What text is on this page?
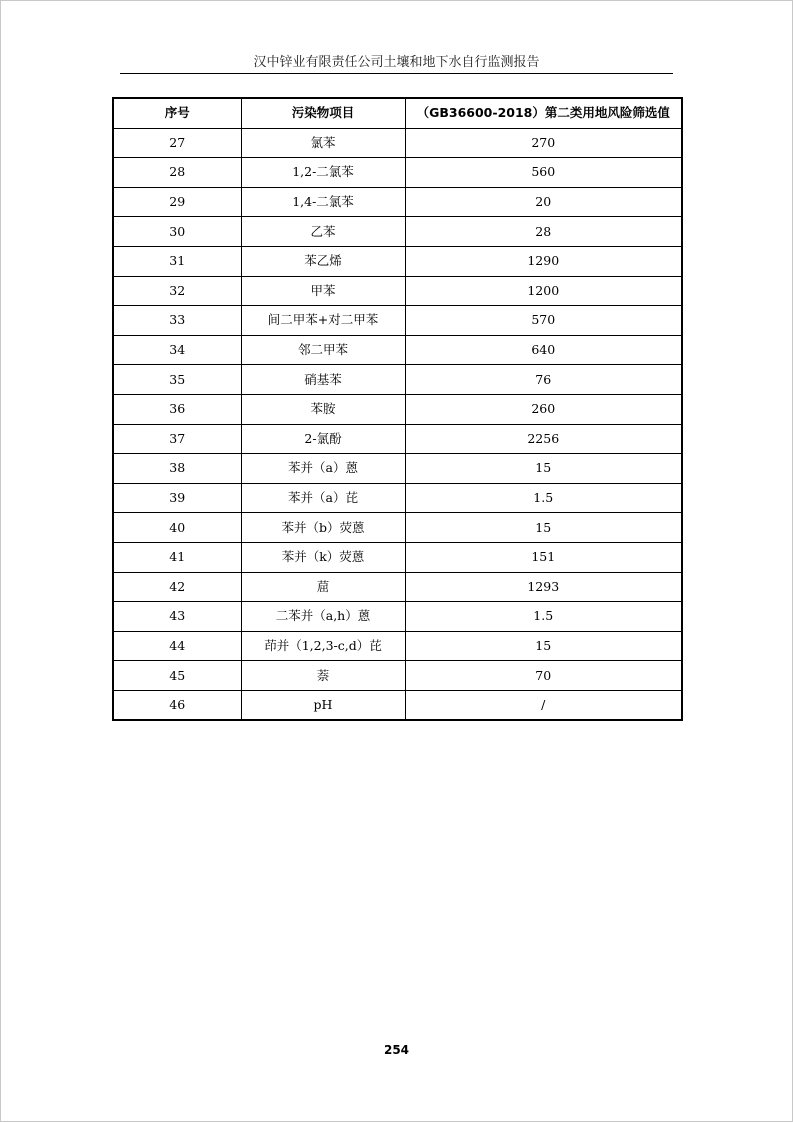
汉中锌业有限责任公司土壤和地下水自行监测报告
序号	污染物项目	（GB36600-2018）第二类用地风险筛选值
27	氯苯	270
28	1,2-二氯苯	560
29	1,4-二氯苯	20
30	乙苯	28
31	苯乙烯	1290
32	甲苯	1200
33	间二甲苯+对二甲苯	570
34	邻二甲苯	640
35	硝基苯	76
36	苯胺	260
37	2-氯酚	2256
38	苯并（a）蒽	15
39	苯并（a）芘	1.5
40	苯并（b）荧蒽	15
41	苯并（k）荧蒽	151
42	䓛	1293
43	二苯并（a,h）蒽	1.5
44	茚并（1,2,3-c,d）芘	15
45	萘	70
46	pH	/
254
